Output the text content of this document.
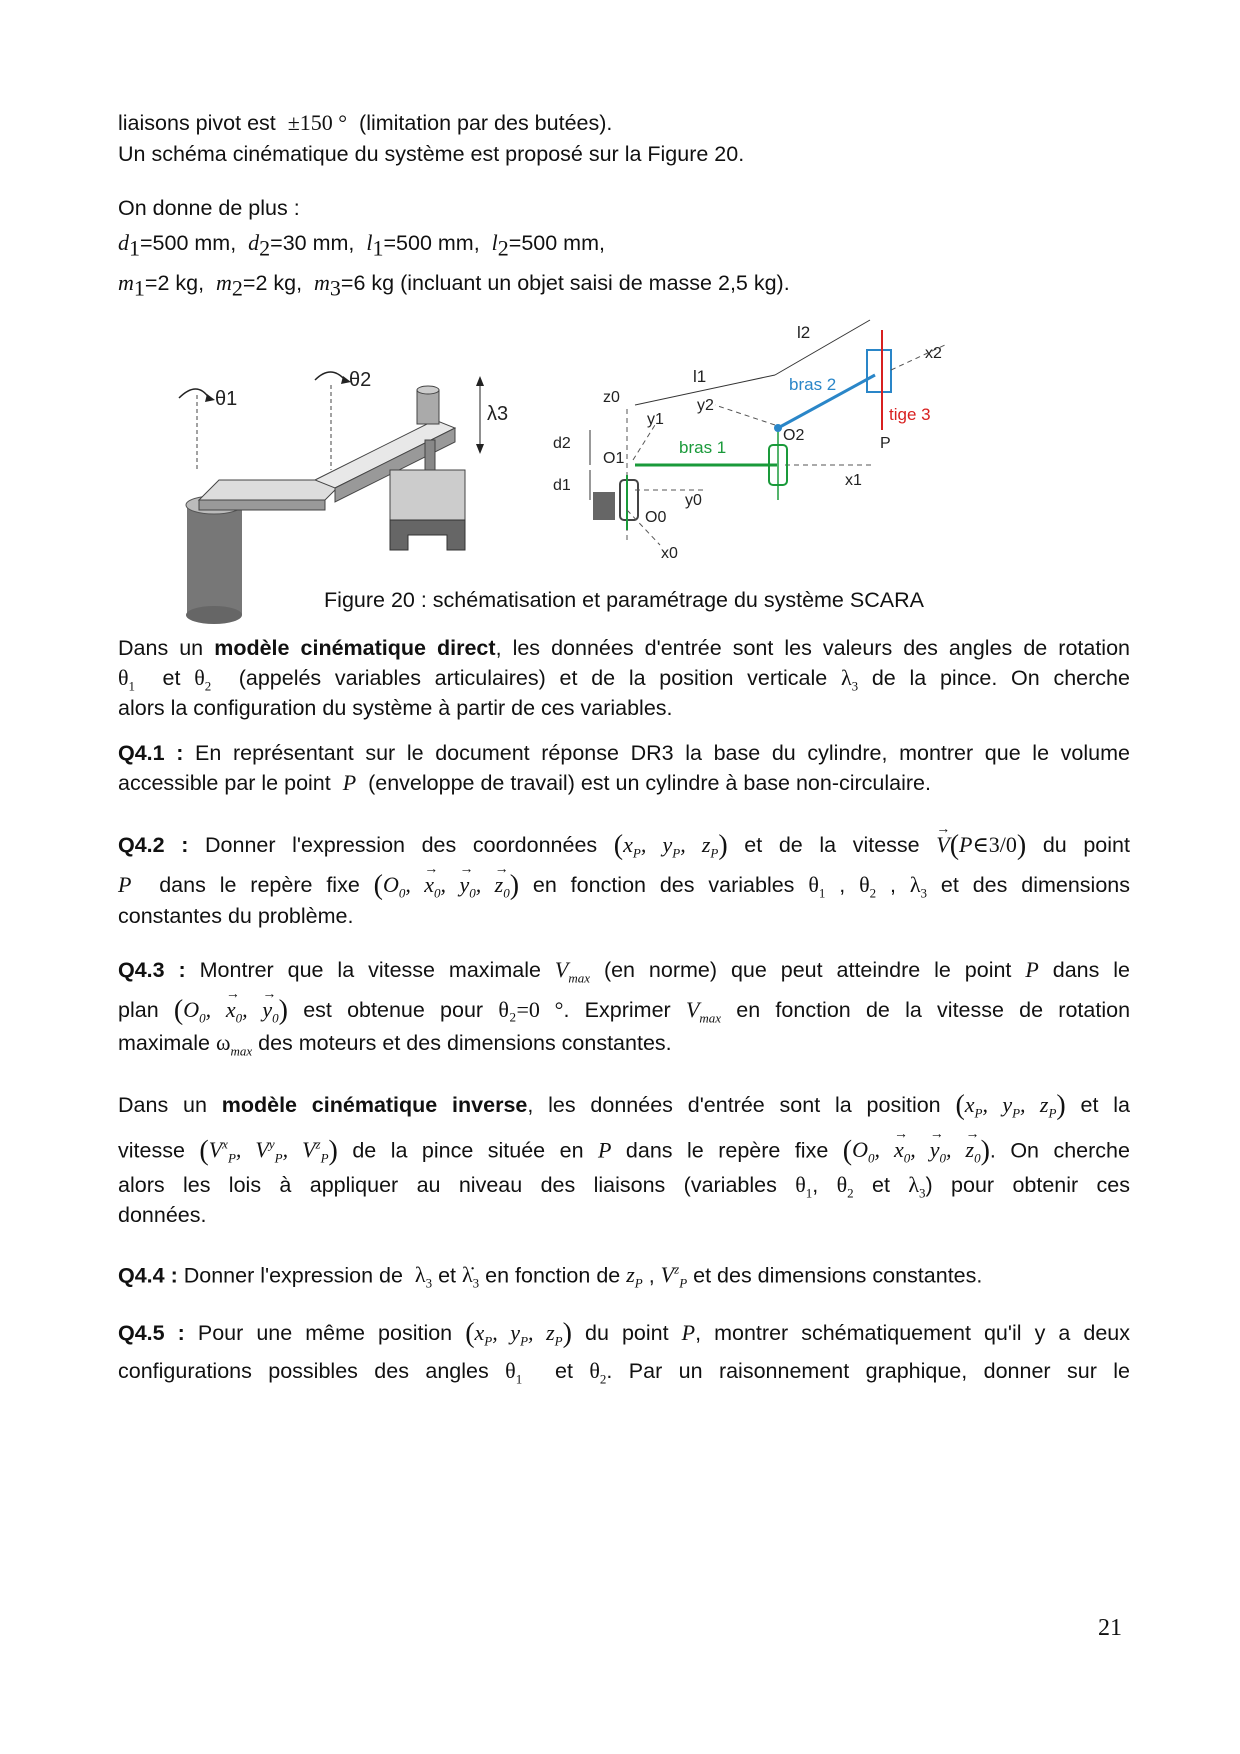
liaisons pivot est ±150 ° (limitation par des butées).
Un schéma cinématique du système est proposé sur la Figure 20.
On donne de plus :
$d_1=500$ mm, $d_2=30$ mm, $l_1=500$ mm, $l_2=500$ mm,
$m_1=2$ kg, $m_2=2$ kg, $m_3=6$ kg (incluant un objet saisi de masse 2,5 kg).
θ1
θ2
λ3
l1
l2
z0
y1
y2
bras 1
x1
bras 2
O2
tige 3
P
x2
d2
d1
O1
y0
O0
x0
Figure 20 : schématisation et paramétrage du système SCARA
Dans un modèle cinématique direct, les données d'entrée sont les valeurs des angles de rotation
$\theta_1$ et $\theta_2$ (appelés variables articulaires) et de la position verticale $\lambda_3$ de la pince. On cherche
alors la configuration du système à partir de ces variables.
Q4.1 : En représentant sur le document réponse DR3 la base du cylindre, montrer que le volume
accessible par le point P (enveloppe de travail) est un cylindre à base non-circulaire.
Q4.2 : Donner l'expression des coordonnées ($x_P$, $y_P$, $z_P$) et de la vitesse → V(P∈3/0) du point
P dans le repère fixe ($O_0$, → $x_0$, → $y_0$, → $z_0$) en fonction des variables $\theta_1$ , $\theta_2$ , $\lambda_3$ et des dimensions
constantes du problème.
Q4.3 : Montrer que la vitesse maximale $V_{max}$ (en norme) que peut atteindre le point P dans le
plan ($O_0$, → $x_0$, → $y_0$) est obtenue pour θ₂=0 °. Exprimer $V_{max}$ en fonction de la vitesse de rotation
maximale $\omega_{max}$ des moteurs et des dimensions constantes.
Dans un modèle cinématique inverse, les données d'entrée sont la position ($x_P$, $y_P$, $z_P$) et la
vitesse ($V^x_P$, $V^y_P$, $V^z_P$) de la pince située en P dans le repère fixe ($O_0$, → $x_0$, → $y_0$, → $z_0$). On cherche
alors les lois à appliquer au niveau des liaisons (variables $\theta_1$, $\theta_2$ et $\lambda_3$) pour obtenir ces
données.
Q4.4 : Donner l'expression de $\lambda_3$ et $\lambdȧ_3$ en fonction de $z_P$ , $V^z_P$ et des dimensions constantes.
Q4.5 : Pour une même position ($x_P$, $y_P$, $z_P$) du point P, montrer schématiquement qu'il y a deux
configurations possibles des angles $\theta_1$ et $\theta_2$. Par un raisonnement graphique, donner sur le
21
